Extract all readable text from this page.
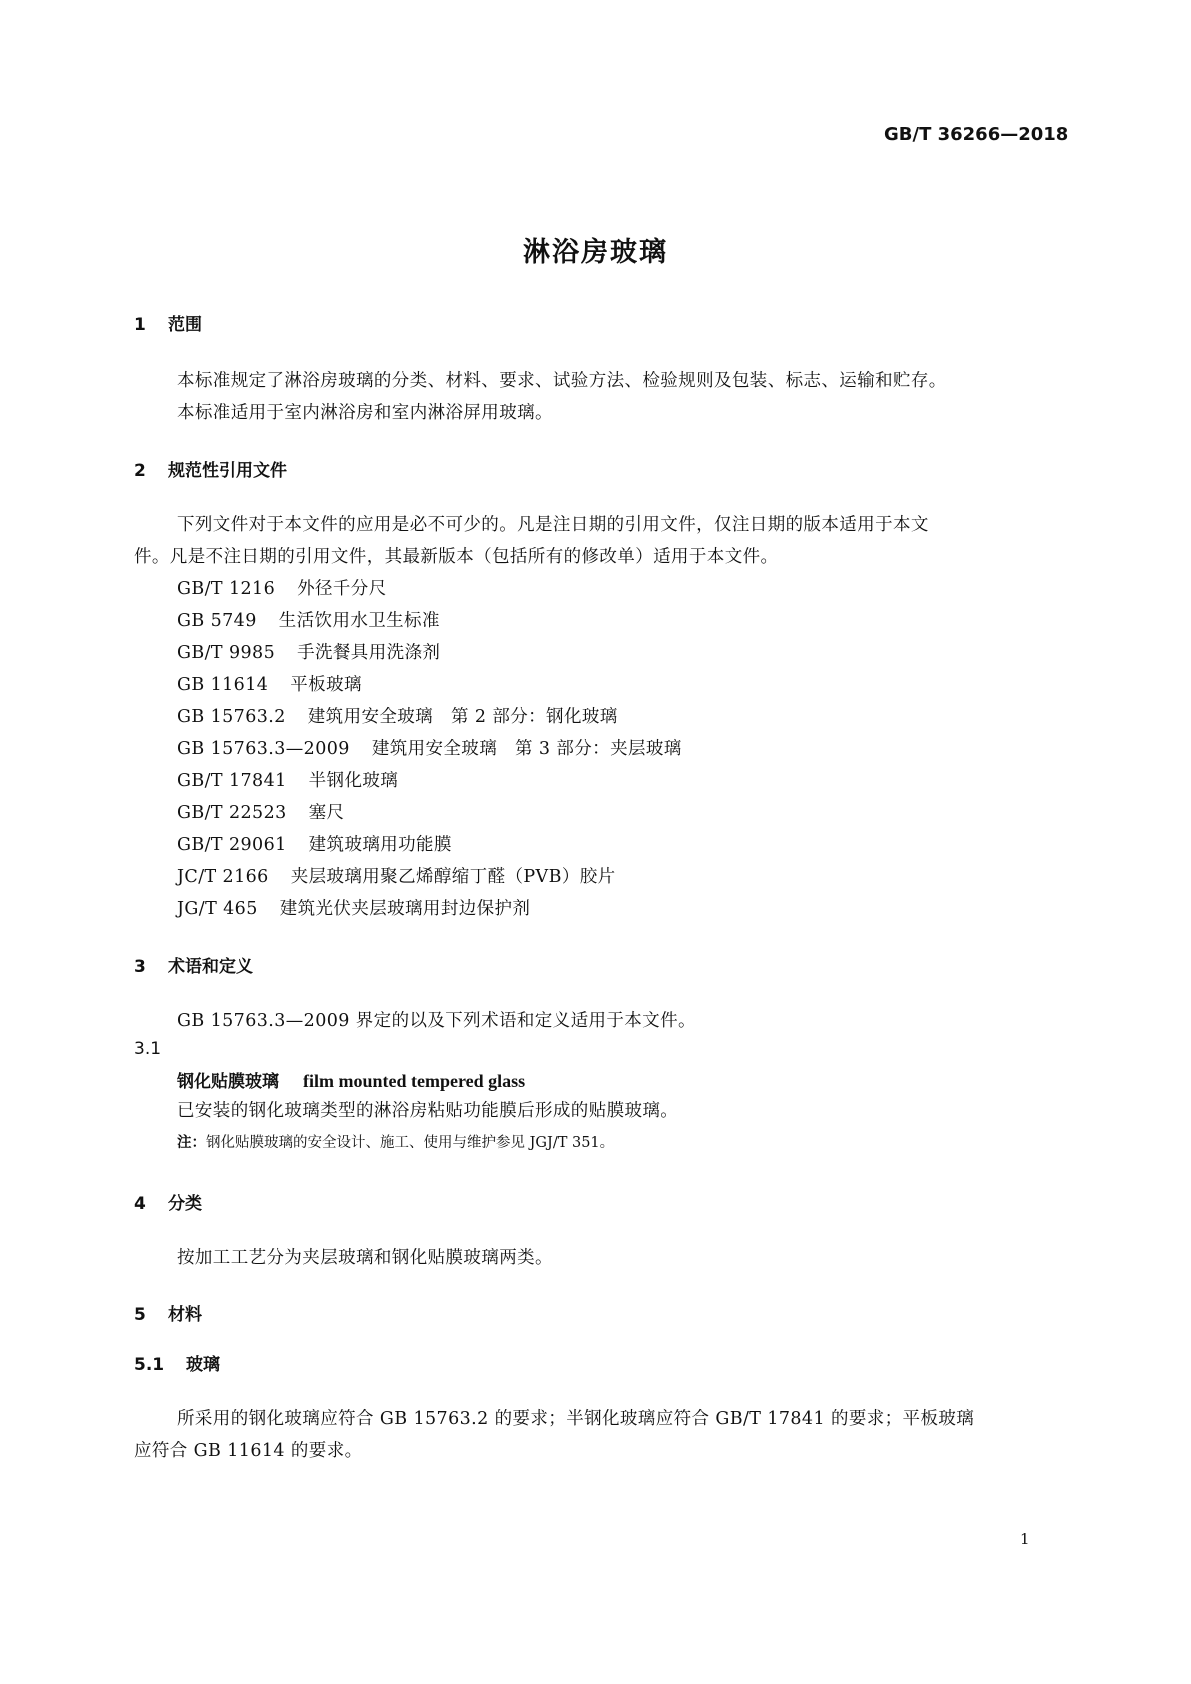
GB/T 36266—2018
淋浴房玻璃
1 范围
本标准规定了淋浴房玻璃的分类、材料、要求、试验方法、检验规则及包装、标志、运输和贮存。
本标准适用于室内淋浴房和室内淋浴屏用玻璃。
2 规范性引用文件
下列文件对于本文件的应用是必不可少的。凡是注日期的引用文件，仅注日期的版本适用于本文
件。凡是不注日期的引用文件，其最新版本（包括所有的修改单）适用于本文件。
GB/T 1216 外径千分尺
GB 5749 生活饮用水卫生标准
GB/T 9985 手洗餐具用洗涤剂
GB 11614 平板玻璃
GB 15763.2 建筑用安全玻璃　第 2 部分：钢化玻璃
GB 15763.3—2009 建筑用安全玻璃　第 3 部分：夹层玻璃
GB/T 17841 半钢化玻璃
GB/T 22523 塞尺
GB/T 29061 建筑玻璃用功能膜
JC/T 2166 夹层玻璃用聚乙烯醇缩丁醛（PVB）胶片
JG/T 465 建筑光伏夹层玻璃用封边保护剂
3 术语和定义
GB 15763.3—2009 界定的以及下列术语和定义适用于本文件。
3.1
钢化贴膜玻璃 film mounted tempered glass
已安装的钢化玻璃类型的淋浴房粘贴功能膜后形成的贴膜玻璃。
注：钢化贴膜玻璃的安全设计、施工、使用与维护参见 JGJ/T 351。
4 分类
按加工工艺分为夹层玻璃和钢化贴膜玻璃两类。
5 材料
5.1 玻璃
所采用的钢化玻璃应符合 GB 15763.2 的要求；半钢化玻璃应符合 GB/T 17841 的要求；平板玻璃
应符合 GB 11614 的要求。
1
